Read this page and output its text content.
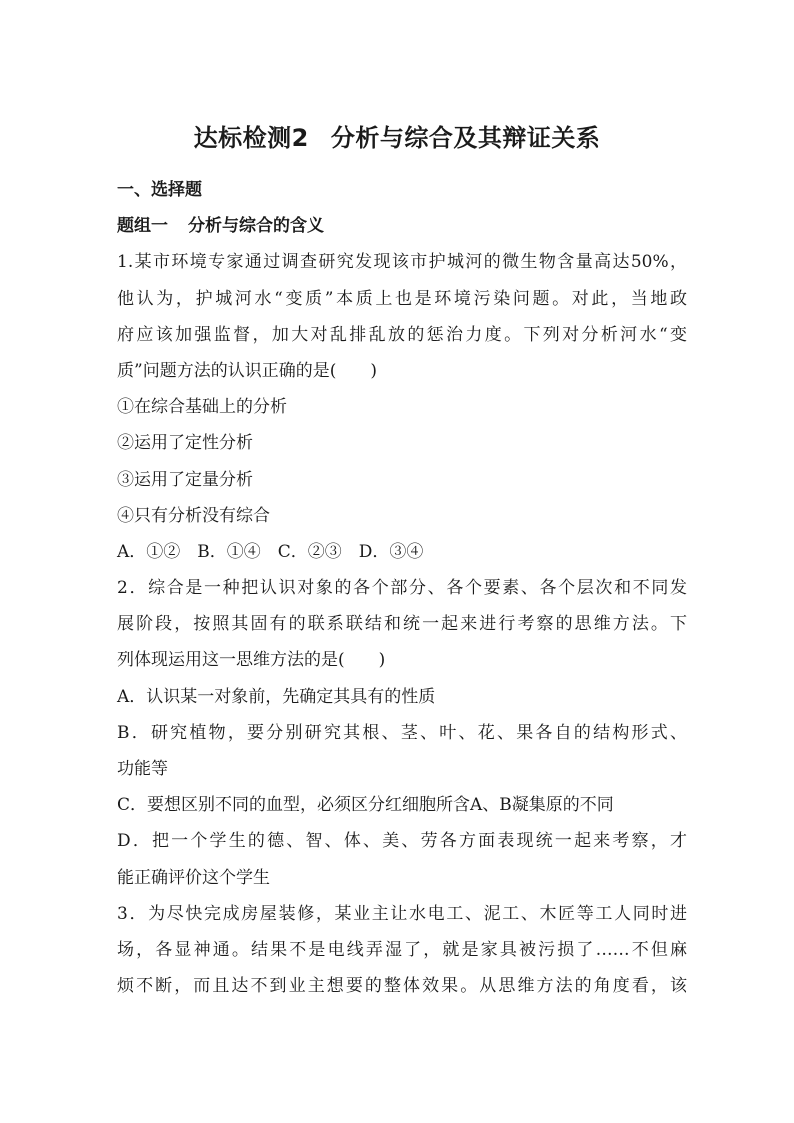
达标检测2 分析与综合及其辩证关系
一、选择题
题组一 分析与综合的含义
1.某市环境专家通过调查研究发现该市护城河的微生物含量高达50%，
他认为，护城河水“变质”本质上也是环境污染问题。对此，当地政
府应该加强监督，加大对乱排乱放的惩治力度。下列对分析河水“变
质”问题方法的认识正确的是(　　)
①在综合基础上的分析
②运用了定性分析
③运用了定量分析
④只有分析没有综合
A．①②　B．①④　C．②③　D．③④
2．综合是一种把认识对象的各个部分、各个要素、各个层次和不同发
展阶段，按照其固有的联系联结和统一起来进行考察的思维方法。下
列体现运用这一思维方法的是(　　)
A．认识某一对象前，先确定其具有的性质
B．研究植物，要分别研究其根、茎、叶、花、果各自的结构形式、
功能等
C．要想区别不同的血型，必须区分红细胞所含A、B凝集原的不同
D．把一个学生的德、智、体、美、劳各方面表现统一起来考察，才
能正确评价这个学生
3．为尽快完成房屋装修，某业主让水电工、泥工、木匠等工人同时进
场，各显神通。结果不是电线弄湿了，就是家具被污损了……不但麻
烦不断，而且达不到业主想要的整体效果。从思维方法的角度看，该
